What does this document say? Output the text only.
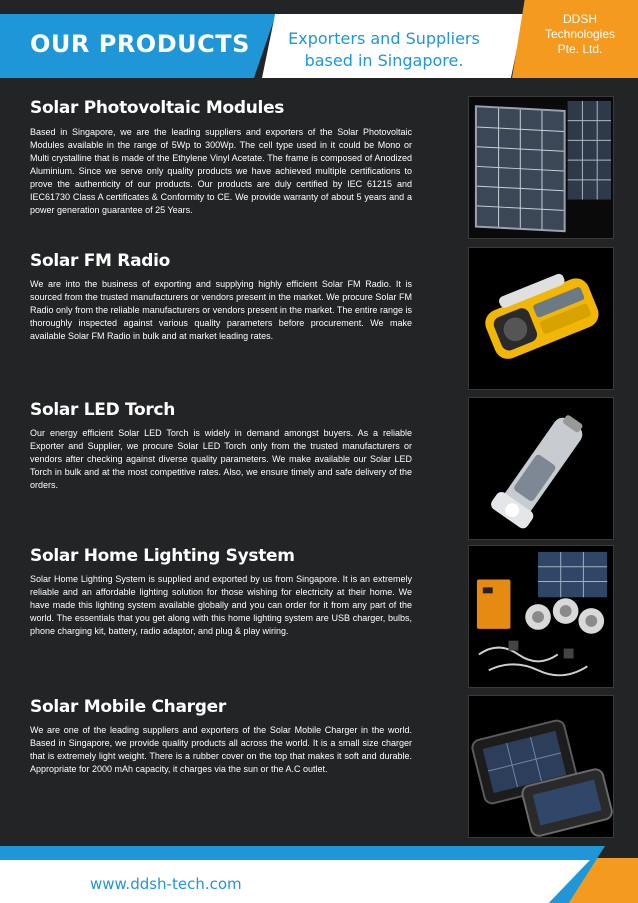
OUR PRODUCTS	Exporters and Suppliers
based in Singapore.
DDSH
Technologies
Pte. Ltd.
Solar Photovoltaic Modules
Based in Singapore, we are the leading suppliers and exporters of the Solar Photovoltaic Modules available in the range of 5Wp to 300Wp. The cell type used in it could be Mono or Multi crystalline that is made of the Ethylene Vinyl Acetate. The frame is composed of Anodized Aluminium. Since we serve only quality products we have achieved multiple certifications to prove the authenticity of our products. Our products are duly certified by IEC 61215 and IEC61730 Class A certificates & Conformity to CE. We provide warranty of about 5 years and a power generation guarantee of 25 Years.
Solar FM Radio
We are into the business of exporting and supplying highly efficient Solar FM Radio. It is sourced from the trusted manufacturers or vendors present in the market. We procure Solar FM Radio only from the reliable manufacturers or vendors present in the market. The entire range is thoroughly inspected against various quality parameters before procurement. We make available Solar FM Radio in bulk and at market leading rates.
Solar LED Torch
Our energy efficient Solar LED Torch is widely in demand amongst buyers. As a reliable Exporter and Supplier, we procure Solar LED Torch only from the trusted manufacturers or vendors after checking against diverse quality parameters. We make available our Solar LED Torch in bulk and at the most competitive rates. Also, we ensure timely and safe delivery of the orders.
Solar Home Lighting System
Solar Home Lighting System is supplied and exported by us from Singapore. It is an extremely reliable and an affordable lighting solution for those wishing for electricity at their home. We have made this lighting system available globally and you can order for it from any part of the world. The essentials that you get along with this home lighting system are USB charger, bulbs, phone charging kit, battery, radio adaptor, and plug & play wiring.
Solar Mobile Charger
We are one of the leading suppliers and exporters of the Solar Mobile Charger in the world. Based in Singapore, we provide quality products all across the world. It is a small size charger that is extremely light weight. There is a rubber cover on the top that makes it soft and durable. Appropriate for 2000 mAh capacity, it charges via the sun or the A.C outlet.
www.ddsh-tech.com
